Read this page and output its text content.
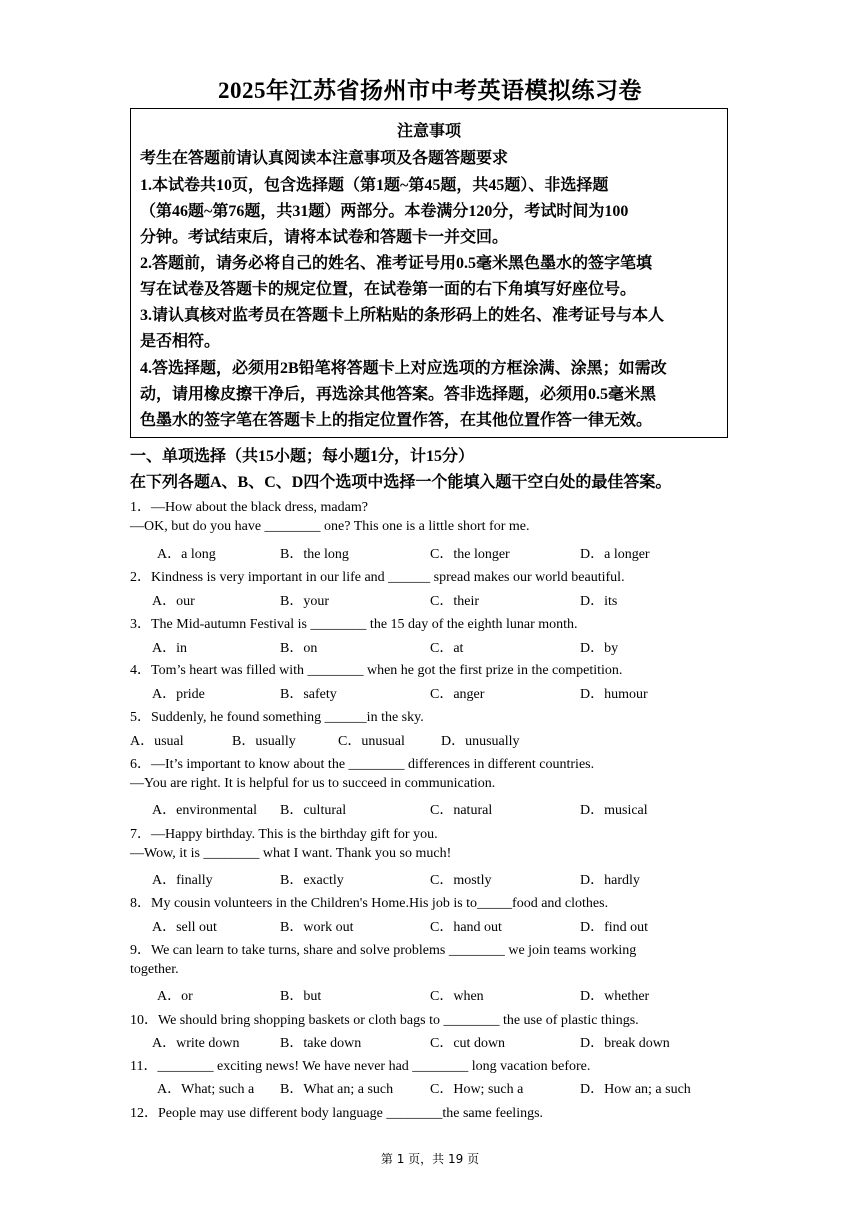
2025年江苏省扬州市中考英语模拟练习卷
注意事项
考生在答题前请认真阅读本注意事项及各题答题要求
1.本试卷共10页，包含选择题（第1题~第45题，共45题）、非选择题
（第46题~第76题，共31题）两部分。本卷满分120分，考试时间为100
分钟。考试结束后，请将本试卷和答题卡一并交回。
2.答题前，请务必将自己的姓名、准考证号用0.5毫米黑色墨水的签字笔填
写在试卷及答题卡的规定位置，在试卷第一面的右下角填写好座位号。
3.请认真核对监考员在答题卡上所粘贴的条形码上的姓名、准考证号与本人
是否相符。
4.答选择题，必须用2B铅笔将答题卡上对应选项的方框涂满、涂黑；如需改
动，请用橡皮擦干净后，再选涂其他答案。答非选择题，必须用0.5毫米黑
色墨水的签字笔在答题卡上的指定位置作答，在其他位置作答一律无效。
一、单项选择（共15小题；每小题1分，计15分）
在下列各题A、B、C、D四个选项中选择一个能填入题干空白处的最佳答案。
1．—How about the black dress, madam?
—OK, but do you have ________ one? This one is a little short for me.
A．a long	B．the long	C．the longer	D．a longer
2．Kindness is very important in our life and ______ spread makes our world beautiful.
A．our	B．your	C．their	D．its
3．The Mid-autumn Festival is ________ the 15 day of the eighth lunar month.
A．in	B．on	C．at	D．by
4．Tom’s heart was filled with ________ when he got the first prize in the competition.
A．pride	B．safety	C．anger	D．humour
5．Suddenly, he found something ______in the sky.
A．usual	B．usually	C．unusual	D．unusually
6．—It’s important to know about the ________ differences in different countries.
—You are right. It is helpful for us to succeed in communication.
A．environmental B．cultural	C．natural	D．musical
7．—Happy birthday. This is the birthday gift for you.
—Wow, it is ________ what I want. Thank you so much!
A．finally	B．exactly	C．mostly	D．hardly
8．My cousin volunteers in the Children's Home.His job is to_____food and clothes.
A．sell out	B．work out	C．hand out	D．find out
9．We can learn to take turns, share and solve problems ________ we join teams working
together.
A．or	B．but	C．when	D．whether
10．We should bring shopping baskets or cloth bags to ________ the use of plastic things.
A．write down	B．take down	C．cut down	D．break down
11．________ exciting news! We have never had ________ long vacation before.
A．What; such a B．What an; a such	C．How; such a	D．How an; a such
12．People may use different body language ________the same feelings.
第 1 页，共 19 页
